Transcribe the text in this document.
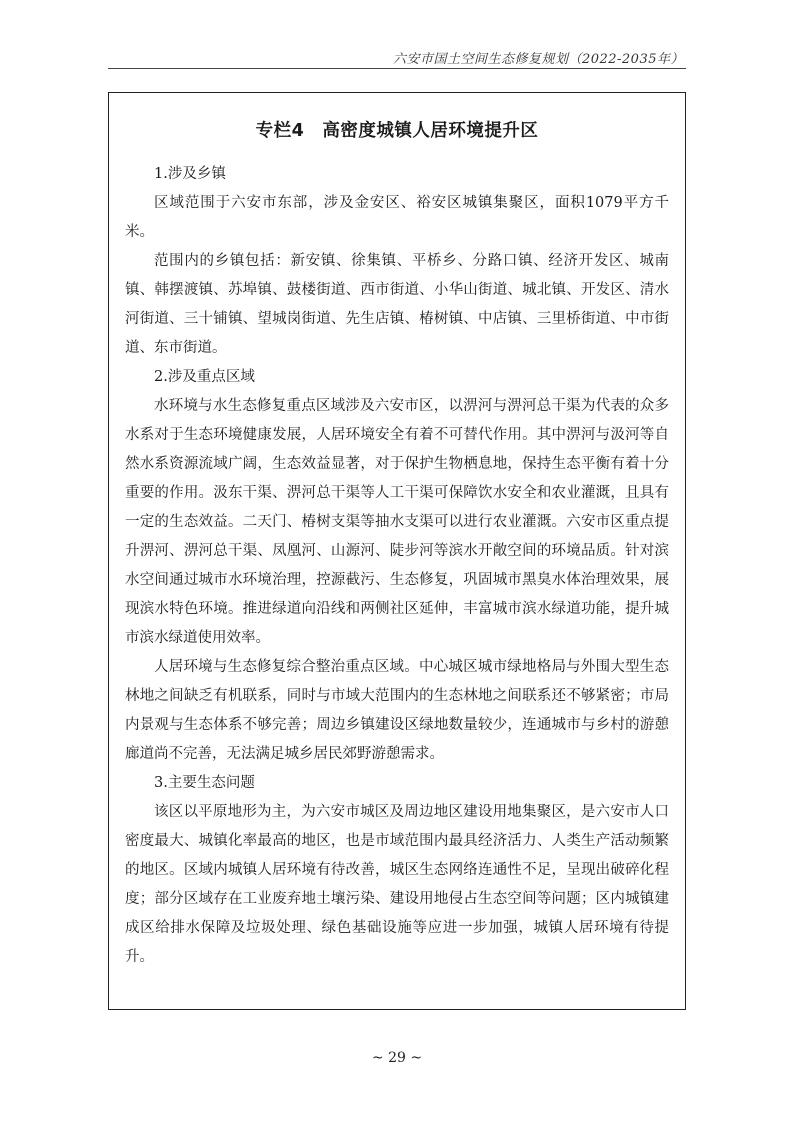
六安市国土空间生态修复规划（2022-2035年）
专栏4　高密度城镇人居环境提升区

1.涉及乡镇

区域范围于六安市东部，涉及金安区、裕安区城镇集聚区，面积1079平方千米。

范围内的乡镇包括：新安镇、徐集镇、平桥乡、分路口镇、经济开发区、城南镇、韩摆渡镇、苏埠镇、鼓楼街道、西市街道、小华山街道、城北镇、开发区、清水河街道、三十铺镇、望城岗街道、先生店镇、椿树镇、中店镇、三里桥街道、中市街道、东市街道。

2.涉及重点区域

水环境与水生态修复重点区域涉及六安市区，以淠河与淠河总干渠为代表的众多水系对于生态环境健康发展，人居环境安全有着不可替代作用。其中淠河与汲河等自然水系资源流域广阔，生态效益显著，对于保护生物栖息地，保持生态平衡有着十分重要的作用。汲东干渠、淠河总干渠等人工干渠可保障饮水安全和农业灌溉，且具有一定的生态效益。二天门、椿树支渠等抽水支渠可以进行农业灌溉。六安市区重点提升淠河、淠河总干渠、凤凰河、山源河、陡步河等滨水开敞空间的环境品质。针对滨水空间通过城市水环境治理，控源截污、生态修复，巩固城市黑臭水体治理效果，展现滨水特色环境。推进绿道向沿线和两侧社区延伸，丰富城市滨水绿道功能，提升城市滨水绿道使用效率。

人居环境与生态修复综合整治重点区域。中心城区城市绿地格局与外围大型生态林地之间缺乏有机联系，同时与市域大范围内的生态林地之间联系还不够紧密；市局内景观与生态体系不够完善；周边乡镇建设区绿地数量较少，连通城市与乡村的游憩廊道尚不完善，无法满足城乡居民郊野游憩需求。

3.主要生态问题

该区以平原地形为主，为六安市城区及周边地区建设用地集聚区，是六安市人口密度最大、城镇化率最高的地区，也是市域范围内最具经济活力、人类生产活动频繁的地区。区域内城镇人居环境有待改善，城区生态网络连通性不足，呈现出破碎化程度；部分区域存在工业废弃地土壤污染、建设用地侵占生态空间等问题；区内城镇建成区给排水保障及垃圾处理、绿色基础设施等应进一步加强，城镇人居环境有待提升。

~ 29 ~
